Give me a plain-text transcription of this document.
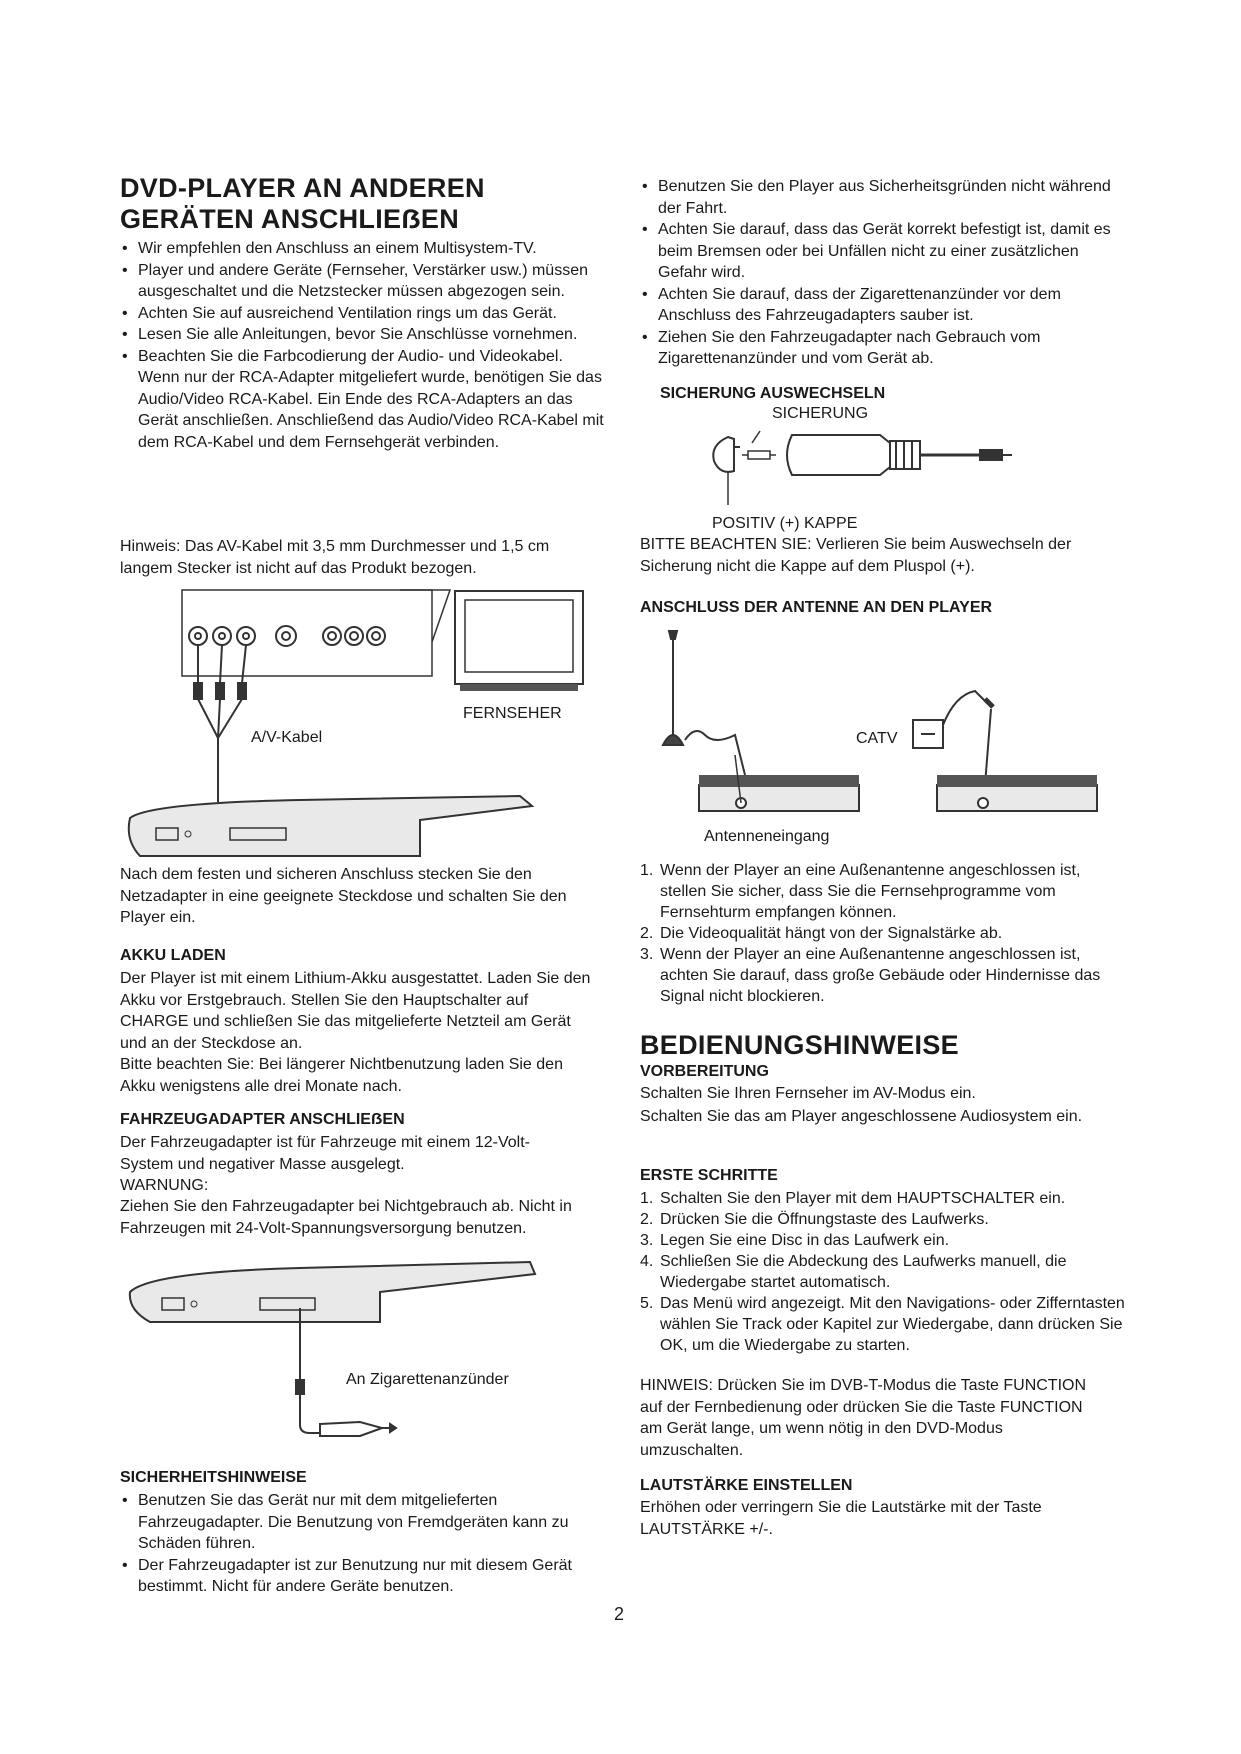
DVD-PLAYER AN ANDEREN
GERÄTEN ANSCHLIEẞEN
• Wir empfehlen den Anschluss an einem Multisystem-TV.
• Player und andere Geräte (Fernseher, Verstärker usw.) müssen ausgeschaltet und die Netzstecker müssen abgezogen sein.
• Achten Sie auf ausreichend Ventilation rings um das Gerät.
• Lesen Sie alle Anleitungen, bevor Sie Anschlüsse vornehmen.
• Beachten Sie die Farbcodierung der Audio- und Videokabel. Wenn nur der RCA-Adapter mitgeliefert wurde, benötigen Sie das Audio/Video RCA-Kabel. Ein Ende des RCA-Adapters an das Gerät anschließen. Anschließend das Audio/Video RCA-Kabel mit dem RCA-Kabel und dem Fernsehgerät verbinden.

Hinweis: Das AV-Kabel mit 3,5 mm Durchmesser und 1,5 cm langem Stecker ist nicht auf das Produkt bezogen.

FERNSEHER
A/V-Kabel

Nach dem festen und sicheren Anschluss stecken Sie den Netzadapter in eine geeignete Steckdose und schalten Sie den Player ein.

AKKU LADEN

Der Player ist mit einem Lithium-Akku ausgestattet. Laden Sie den Akku vor Erstgebrauch. Stellen Sie den Hauptschalter auf CHARGE und schließen Sie das mitgelieferte Netzteil am Gerät und an der Steckdose an.

Bitte beachten Sie: Bei längerer Nichtbenutzung laden Sie den Akku wenigstens alle drei Monate nach.

FAHRZEUGADAPTER ANSCHLIEẞEN

Der Fahrzeugadapter ist für Fahrzeuge mit einem 12-Volt-System und negativer Masse ausgelegt.

WARNUNG:

Ziehen Sie den Fahrzeugadapter bei Nichtgebrauch ab. Nicht in Fahrzeugen mit 24-Volt-Spannungsversorgung benutzen.

An Zigarettenanzünder
SICHERHEITSHINWEISE
• Benutzen Sie das Gerät nur mit dem mitgelieferten Fahrzeugadapter. Die Benutzung von Fremdgeräten kann zu Schäden führen.
• Der Fahrzeugadapter ist zur Benutzung nur mit diesem Gerät bestimmt. Nicht für andere Geräte benutzen.
• Benutzen Sie den Player aus Sicherheitsgründen nicht während der Fahrt.
• Achten Sie darauf, dass das Gerät korrekt befestigt ist, damit es beim Bremsen oder bei Unfällen nicht zu einer zusätzlichen Gefahr wird.
• Achten Sie darauf, dass der Zigarettenanzünder vor dem Anschluss des Fahrzeugadapters sauber ist.
• Ziehen Sie den Fahrzeugadapter nach Gebrauch vom Zigarettenanzünder und vom Gerät ab.
SICHERUNG AUSWECHSELN
SICHERUNG
POSITIV (+) KAPPE

BITTE BEACHTEN SIE: Verlieren Sie beim Auswechseln der Sicherung nicht die Kappe auf dem Pluspol (+).

ANSCHLUSS DER ANTENNE AN DEN PLAYER
CATV
Antenneneingang
1. Wenn der Player an eine Außenantenne angeschlossen ist, stellen Sie sicher, dass Sie die Fernsehprogramme vom Fernsehturm empfangen können.
2. Die Videoqualität hängt von der Signalstärke ab.
3. Wenn der Player an eine Außenantenne angeschlossen ist, achten Sie darauf, dass große Gebäude oder Hindernisse das Signal nicht blockieren.
BEDIENUNGSHINWEISE
VORBEREITUNG

Schalten Sie Ihren Fernseher im AV-Modus ein.

Schalten Sie das am Player angeschlossene Audiosystem ein.

ERSTE SCHRITTE
1. Schalten Sie den Player mit dem HAUPTSCHALTER ein.
2. Drücken Sie die Öffnungstaste des Laufwerks.
3. Legen Sie eine Disc in das Laufwerk ein.
4. Schließen Sie die Abdeckung des Laufwerks manuell, die Wiedergabe startet automatisch.
5. Das Menü wird angezeigt. Mit den Navigations- oder Zifferntasten wählen Sie Track oder Kapitel zur Wiedergabe, dann drücken Sie OK, um die Wiedergabe zu starten.

HINWEIS: Drücken Sie im DVB-T-Modus die Taste FUNCTION auf der Fernbedienung oder drücken Sie die Taste FUNCTION am Gerät lange, um wenn nötig in den DVD-Modus umzuschalten.

LAUTSTÄRKE EINSTELLEN

Erhöhen oder verringern Sie die Lautstärke mit der Taste LAUTSTÄRKE +/-.

2
